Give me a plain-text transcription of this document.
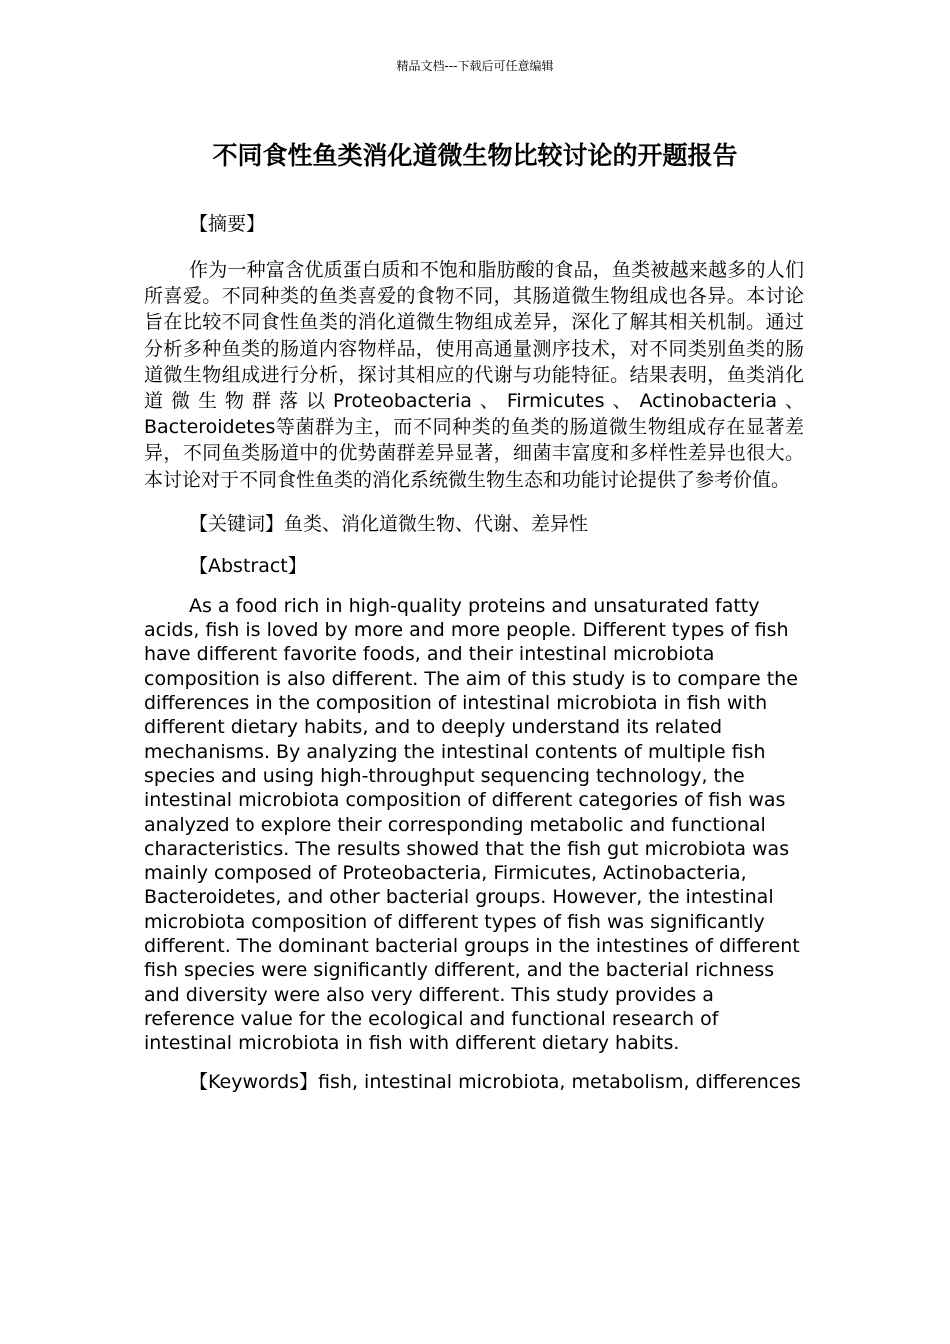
精品文档---下载后可任意编辑
不同食性鱼类消化道微生物比较讨论的开题报告

【摘要】

作为一种富含优质蛋白质和不饱和脂肪酸的食品，鱼类被越来越多的人们所喜爱。不同种类的鱼类喜爱的食物不同，其肠道微生物组成也各异。本讨论旨在比较不同食性鱼类的消化道微生物组成差异，深化了解其相关机制。通过分析多种鱼类的肠道内容物样品，使用高通量测序技术，对不同类别鱼类的肠道微生物组成进行分析，探讨其相应的代谢与功能特征。结果表明，鱼类消化道微生物群落以Proteobacteria、Firmicutes、Actinobacteria、Bacteroidetes等菌群为主，而不同种类的鱼类的肠道微生物组成存在显著差异，不同鱼类肠道中的优势菌群差异显著，细菌丰富度和多样性差异也很大。本讨论对于不同食性鱼类的消化系统微生物生态和功能讨论提供了参考价值。

【关键词】鱼类、消化道微生物、代谢、差异性

【Abstract】

As a food rich in high-quality proteins and unsaturated fatty acids, fish is loved by more and more people. Different types of fish have different favorite foods, and their intestinal microbiota composition is also different. The aim of this study is to compare the differences in the composition of intestinal microbiota in fish with different dietary habits, and to deeply understand its related mechanisms. By analyzing the intestinal contents of multiple fish species and using high-throughput sequencing technology, the intestinal microbiota composition of different categories of fish was analyzed to explore their corresponding metabolic and functional characteristics. The results showed that the fish gut microbiota was mainly composed of Proteobacteria, Firmicutes, Actinobacteria, Bacteroidetes, and other bacterial groups. However, the intestinal microbiota composition of different types of fish was significantly different. The dominant bacterial groups in the intestines of different fish species were significantly different, and the bacterial richness and diversity were also very different. This study provides a reference value for the ecological and functional research of intestinal microbiota in fish with different dietary habits.

【Keywords】fish, intestinal microbiota, metabolism, differences
